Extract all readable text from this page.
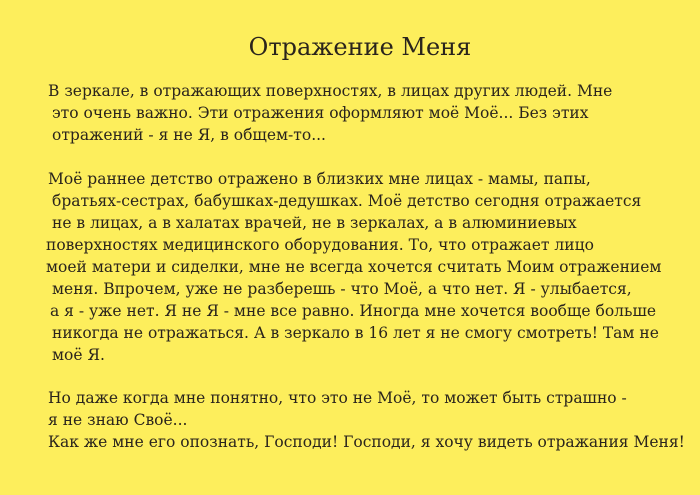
Отражение Меня

В зеркале, в отражающих поверхностях, в лицах других людей. Мне

это очень важно. Эти отражения оформляют моё Моё... Без этих

отражений - я не Я, в общем-то...

Моё раннее детство отражено в близких мне лицах - мамы, папы,

братьях-сестрах, бабушках-дедушках. Моё детство сегодня отражается

не в лицах, а в халатах врачей, не в зеркалах, а в алюминиевых

поверхностях медицинского оборудования. То, что отражает лицо

моей матери и сиделки, мне не всегда хочется считать Моим отражением

меня. Впрочем, уже не разберешь - что Моё, а что нет. Я - улыбается,

а я - уже нет. Я не Я - мне все равно. Иногда мне хочется вообще больше

никогда не отражаться. А в зеркало в 16 лет я не смогу смотреть! Там не

моё Я.

Но даже когда мне понятно, что это не Моё, то может быть страшно -

я не знаю Своё...

Как же мне его опознать, Господи! Господи, я хочу видеть отражания Меня!
